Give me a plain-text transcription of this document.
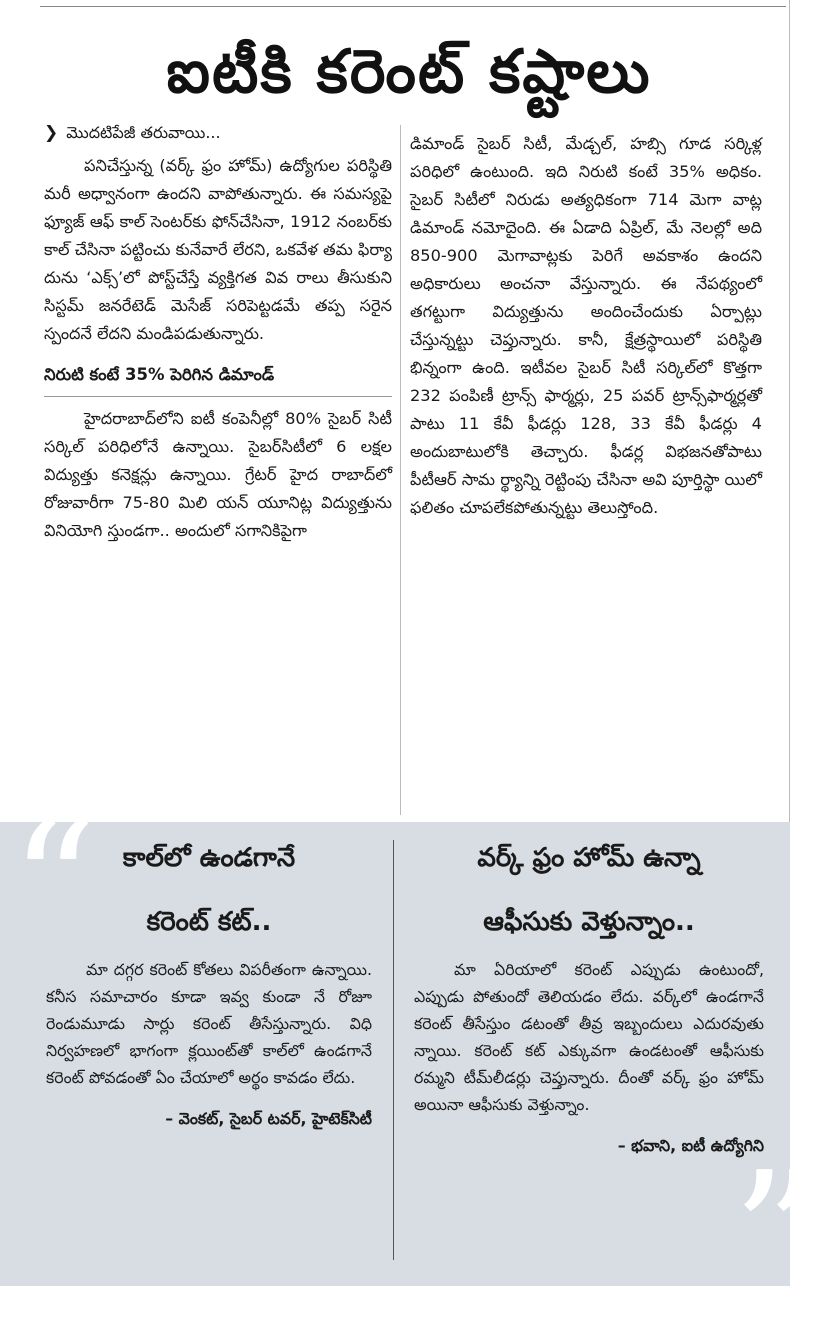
ఐటీకి కరెంట్ కష్టాలు

❯ మొదటిపేజీ తరువాయి...

పనిచేస్తున్న (వర్క్ ఫ్రం హోమ్) ఉద్యోగుల పరిస్థితి మరీ అధ్వానంగా ఉందని వాపోతున్నారు. ఈ సమస్యపై ఫ్యూజ్ ఆఫ్ కాల్ సెంటర్‌కు ఫోన్‌చేసినా, 1912 నంబర్‌కు కాల్ చేసినా పట్టించు కునేవారే లేరని, ఒకవేళ తమ ఫిర్యా దును ‘ఎక్స్’లో పోస్ట్‌చేస్తే వ్యక్తిగత వివ రాలు తీసుకుని సిస్టమ్ జనరేటెడ్ మెసేజ్ సరిపెట్టడమే తప్ప సరైన స్పందనే లేదని మండిపడుతున్నారు.

నిరుటి కంటే 35% పెరిగిన డిమాండ్

హైదరాబాద్‌లోని ఐటీ కంపెనీల్లో 80% సైబర్ సిటీ సర్కిల్ పరిధిలోనే ఉన్నాయి. సైబర్‌సిటీలో 6 లక్షల విద్యుత్తు కనెక్షన్లు ఉన్నాయి. గ్రేటర్ హైద రాబాద్‌లో రోజువారీగా 75-80 మిలి యన్ యూనిట్ల విద్యుత్తును వినియోగి స్తుండగా.. అందులో సగానికిపైగా

డిమాండ్ సైబర్ సిటీ, మేడ్చల్, హబ్సి గూడ సర్కిళ్ల పరిధిలో ఉంటుంది. ఇది నిరుటి కంటే 35% అధికం. సైబర్ సిటీలో నిరుడు అత్యధికంగా 714 మెగా వాట్ల డిమాండ్ నమోదైంది. ఈ ఏడాది ఏప్రిల్, మే నెలల్లో అది 850-900 మెగావాట్లకు పెరిగే అవకాశం ఉందని అధికారులు అంచనా వేస్తున్నారు. ఈ నేపథ్యంలో తగట్టుగా విద్యుత్తును అందించేందుకు ఏర్పాట్లు చేస్తున్నట్టు చెప్తున్నారు. కానీ, క్షేత్రస్థాయిలో పరిస్థితి భిన్నంగా ఉంది. ఇటీవల సైబర్ సిటీ సర్కిల్‌లో కొత్తగా 232 పంపిణీ ట్రాన్స్ ఫార్మర్లు, 25 పవర్ ట్రాన్స్‌ఫార్మర్లతో పాటు 11 కేవీ ఫీడర్లు 128, 33 కేవీ ఫీడర్లు 4 అందుబాటులోకి తెచ్చారు. ఫీడర్ల విభజనతోపాటు పీటీఆర్ సామ ర్థ్యాన్ని రెట్టింపు చేసినా అవి పూర్తిస్థా యిలో ఫలితం చూపలేకపోతున్నట్టు తెలుస్తోంది.

“
”
కాల్‌లో ఉండగానే
కరెంట్ కట్..

మా దగ్గర కరెంట్ కోతలు విపరీతంగా ఉన్నాయి. కనీస సమాచారం కూడా ఇవ్వ కుండా నే రోజూ రెండుమూడు సార్లు కరెంట్ తీసేస్తున్నారు. విధి నిర్వహణలో భాగంగా క్లయింట్‌తో కాల్‌లో ఉండగానే కరెంట్ పోవడంతో ఏం చేయాలో అర్థం కావడం లేదు.

– వెంకట్, సైబర్ టవర్, హైటెక్‌సిటీ

వర్క్ ఫ్రం హోమ్ ఉన్నా
ఆఫీసుకు వెళ్తున్నాం..

మా ఏరియాలో కరెంట్ ఎప్పుడు ఉంటుందో, ఎప్పుడు పోతుందో తెలియడం లేదు. వర్క్‌లో ఉండగానే కరెంట్ తీసేస్తుం డటంతో తీవ్ర ఇబ్బందులు ఎదురవుతు న్నాయి. కరెంట్ కట్ ఎక్కువగా ఉండటంతో ఆఫీసుకు రమ్మని టీమ్‌లీడర్లు చెప్తున్నారు. దీంతో వర్క్ ఫ్రం హోమ్ అయినా ఆఫీసుకు వెళ్తున్నాం.

– భవాని, ఐటీ ఉద్యోగిని
